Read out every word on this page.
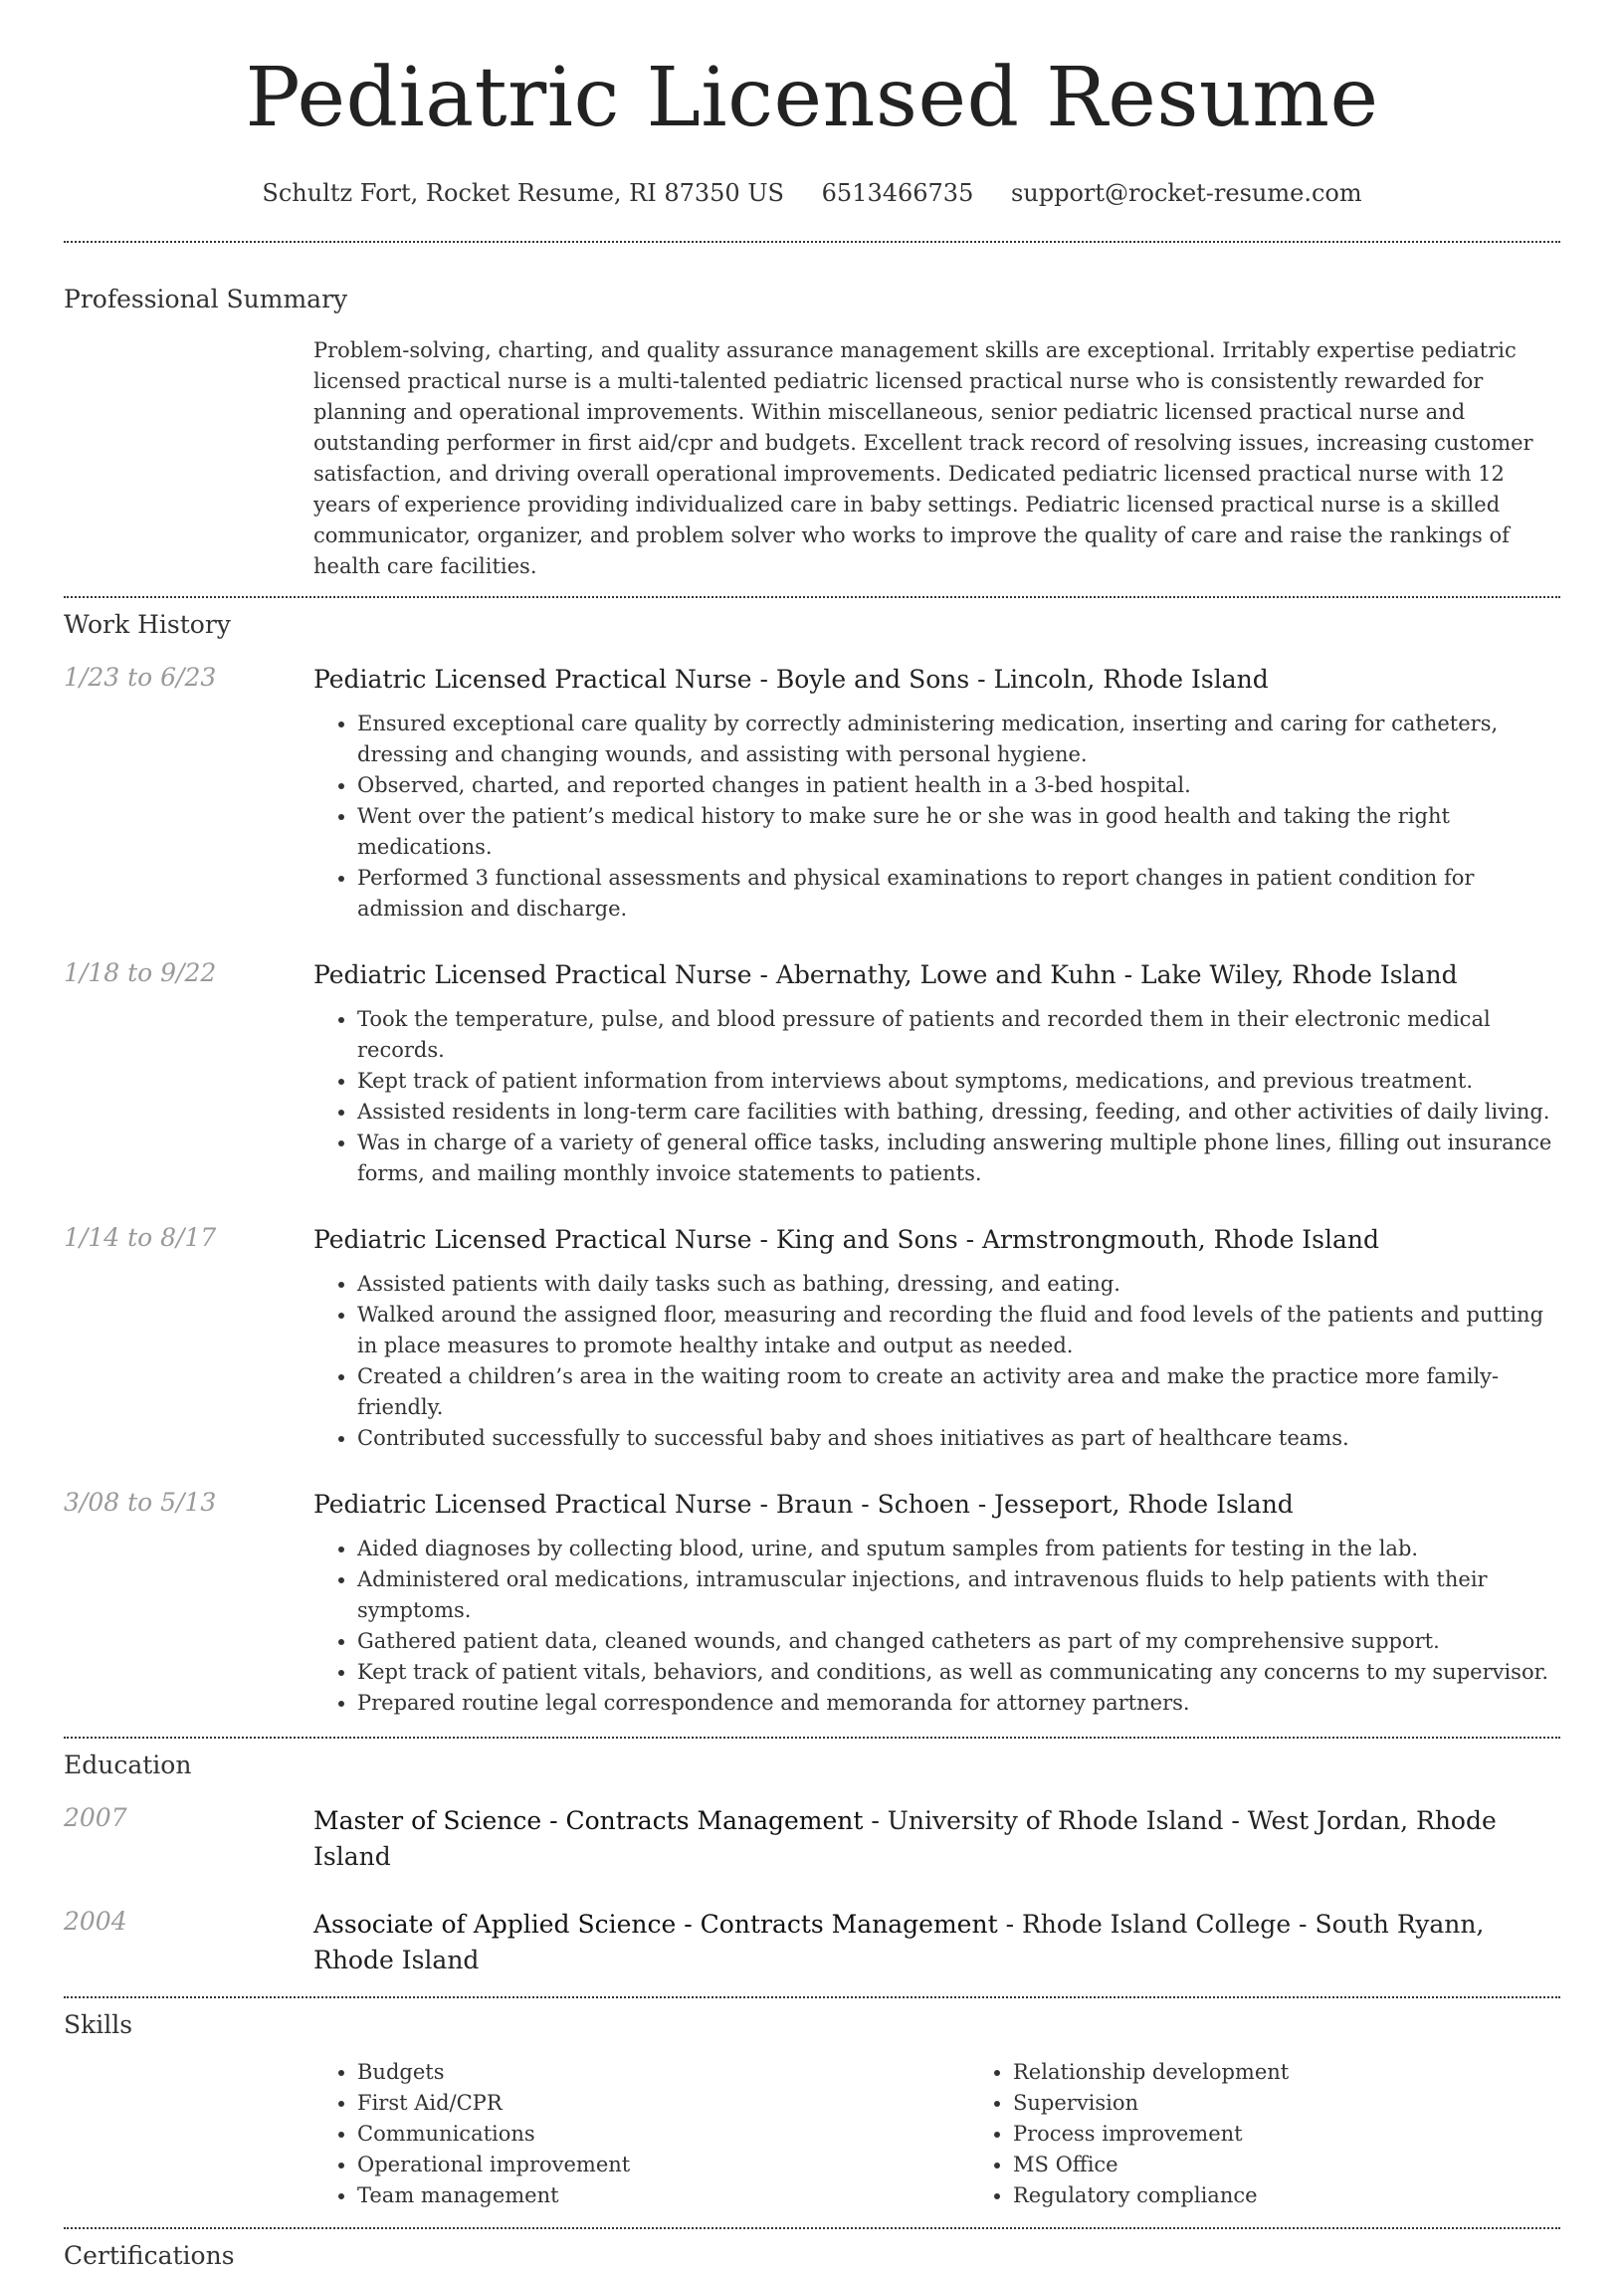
Pediatric Licensed Resume
Schultz Fort, Rocket Resume, RI 87350 US 6513466735 support@rocket-resume.com
Professional Summary
Problem-solving, charting, and quality assurance management skills are exceptional. Irritably expertise pediatric licensed practical nurse is a multi-talented pediatric licensed practical nurse who is consistently rewarded for planning and operational improvements. Within miscellaneous, senior pediatric licensed practical nurse and outstanding performer in first aid/cpr and budgets. Excellent track record of resolving issues, increasing customer satisfaction, and driving overall operational improvements. Dedicated pediatric licensed practical nurse with 12 years of experience providing individualized care in baby settings. Pediatric licensed practical nurse is a skilled communicator, organizer, and problem solver who works to improve the quality of care and raise the rankings of health care facilities.
Work History
1/23 to 6/23	Pediatric Licensed Practical Nurse - Boyle and Sons - Lincoln, Rhode Island
• Ensured exceptional care quality by correctly administering medication, inserting and caring for catheters, dressing and changing wounds, and assisting with personal hygiene.
• Observed, charted, and reported changes in patient health in a 3-bed hospital.
• Went over the patient’s medical history to make sure he or she was in good health and taking the right medications.
• Performed 3 functional assessments and physical examinations to report changes in patient condition for admission and discharge.
1/18 to 9/22	Pediatric Licensed Practical Nurse - Abernathy, Lowe and Kuhn - Lake Wiley, Rhode Island
• Took the temperature, pulse, and blood pressure of patients and recorded them in their electronic medical records.
• Kept track of patient information from interviews about symptoms, medications, and previous treatment.
• Assisted residents in long-term care facilities with bathing, dressing, feeding, and other activities of daily living.
• Was in charge of a variety of general office tasks, including answering multiple phone lines, filling out insurance forms, and mailing monthly invoice statements to patients.
1/14 to 8/17	Pediatric Licensed Practical Nurse - King and Sons - Armstrongmouth, Rhode Island
• Assisted patients with daily tasks such as bathing, dressing, and eating.
• Walked around the assigned floor, measuring and recording the fluid and food levels of the patients and putting in place measures to promote healthy intake and output as needed.
• Created a children’s area in the waiting room to create an activity area and make the practice more family-friendly.
• Contributed successfully to successful baby and shoes initiatives as part of healthcare teams.
3/08 to 5/13	Pediatric Licensed Practical Nurse - Braun - Schoen - Jesseport, Rhode Island
• Aided diagnoses by collecting blood, urine, and sputum samples from patients for testing in the lab.
• Administered oral medications, intramuscular injections, and intravenous fluids to help patients with their symptoms.
• Gathered patient data, cleaned wounds, and changed catheters as part of my comprehensive support.
• Kept track of patient vitals, behaviors, and conditions, as well as communicating any concerns to my supervisor.
• Prepared routine legal correspondence and memoranda for attorney partners.
Education
2007	Master of Science - Contracts Management - University of Rhode Island - West Jordan, Rhode Island
2004	Associate of Applied Science - Contracts Management - Rhode Island College - South Ryann, Rhode Island
Skills
• Budgets
• First Aid/CPR
• Communications
• Operational improvement
• Team management
• Relationship development
• Supervision
• Process improvement
• MS Office
• Regulatory compliance
Certifications
